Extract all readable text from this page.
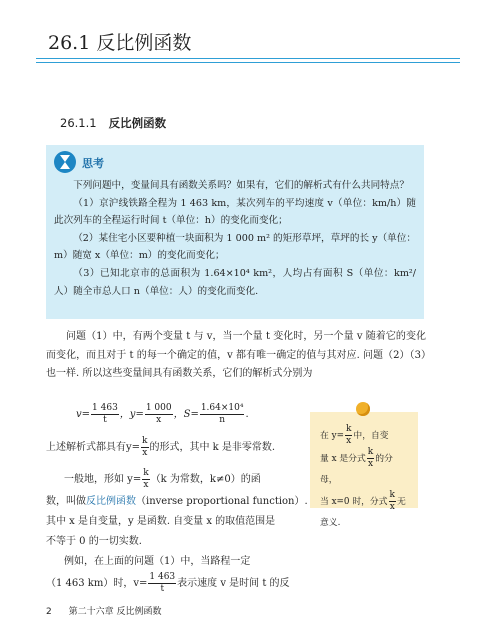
26.1 反比例函数
26.1.1 反比例函数
思考

下列问题中，变量间具有函数关系吗？如果有，它们的解析式有什么共同特点？

（1）京沪线铁路全程为 1 463 km，某次列车的平均速度 v（单位：km/h）随此次列车的全程运行时间 t（单位：h）的变化而变化；

（2）某住宅小区要种植一块面积为 1 000 m² 的矩形草坪，草坪的长 y（单位：m）随宽 x（单位：m）的变化而变化；

（3）已知北京市的总面积为 1.64×10⁴ km²，人均占有面积 S（单位：km²/人）随全市总人口 n（单位：人）的变化而变化.

问题（1）中，有两个变量 t 与 v，当一个量 t 变化时，另一个量 v 随着它的变化而变化，而且对于 t 的每一个确定的值，v 都有唯一确定的值与其对应. 问题（2）（3）也一样. 所以这些变量间具有函数关系，它们的解析式分别为

$v= \frac{1 463}{t}$ ，$y= \frac{1 000}{x}$ ，$S= \frac{\text{1.64×10⁴}}{n}$ .
上述解析式都具有$y= \frac{k}{x}$ 的形式，其中 k 是非零常数.
一般地，形如 $y= \frac{k}{x} (k$ 为常数，k≠0）的函
数，叫做反比例函数（inverse proportional function）.
其中 x 是自变量，y 是函数. 自变量 x 的取值范围是
不等于 0 的一切实数.
例如，在上面的问题（1）中，当路程一定
（1 463 km）时，$v= \frac{1 463}{t}$ 表示速度 v 是时间 t 的反
在 $y= \frac{k}{x}$ 中，自变
量 x 是分式 $\frac{k}{x}$ 的分母，
当 x=0 时，分式 $\frac{k}{x}$ 无
意义.
2 第二十六章 反比例函数
